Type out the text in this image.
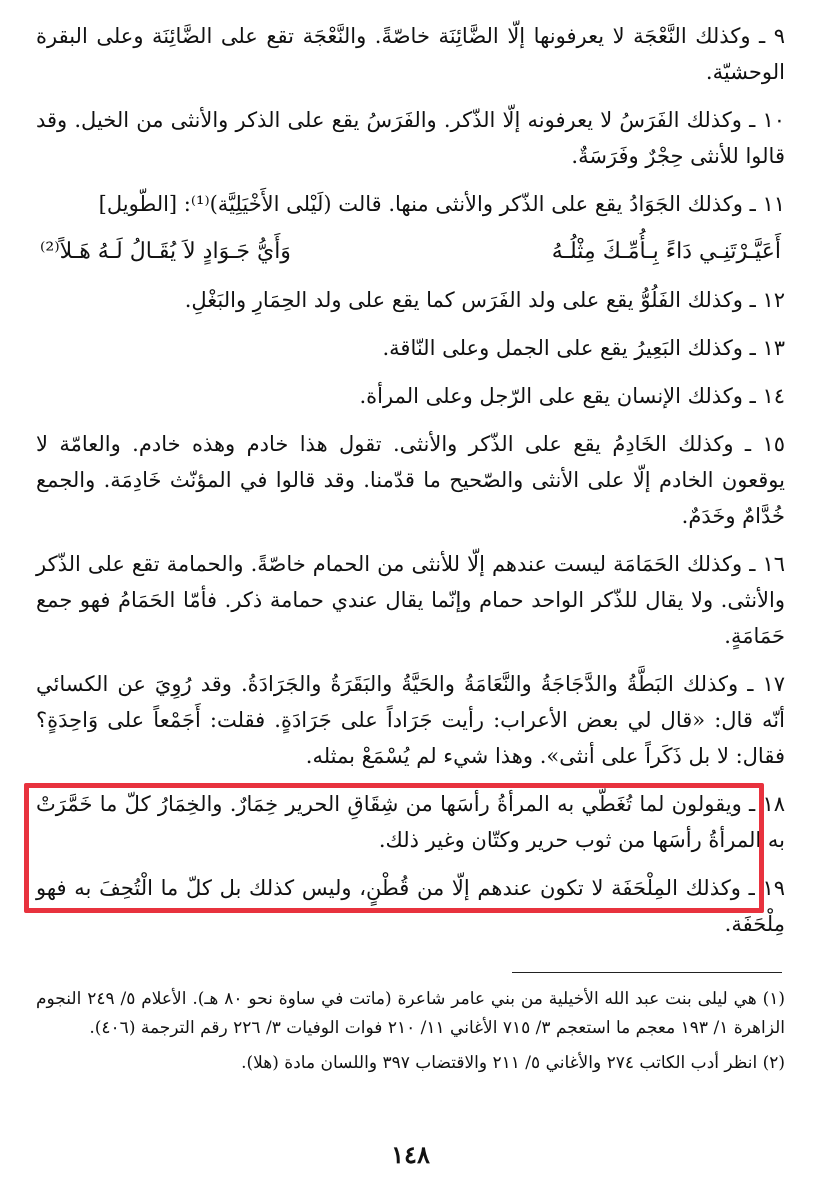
٩ ـ وكذلك النَّعْجَة لا يعرفونها إلّا الضَّائِنَة خاصّةً. والنَّعْجَة تقع على الضَّائِنَة وعلى البقرة الوحشيّة.

١٠ ـ وكذلك الفَرَسُ لا يعرفونه إلّا الذّكر. والفَرَسُ يقع على الذكر والأنثى من الخيل. وقد قالوا للأنثى حِجْرٌ وفَرَسَةٌ.

١١ ـ وكذلك الجَوَادُ يقع على الذّكر والأنثى منها. قالت (لَيْلى الأَخْيَلِيَّة)⁽¹⁾: [الطّويل]

أَعَيَّـرْتَنِـي دَاءً بِـأُمِّـكَ مِثْلُـهُ
وَأَيُّ جَـوَادٍ لاَ يُقَـالُ لَـهُ هَـلاً⁽²⁾

١٢ ـ وكذلك الفَلُوُّ يقع على ولد الفَرَس كما يقع على ولد الحِمَارِ والبَغْلِ.

١٣ ـ وكذلك البَعِيرُ يقع على الجمل وعلى النّاقة.

١٤ ـ وكذلك الإنسان يقع على الرّجل وعلى المرأة.

١٥ ـ وكذلك الخَادِمُ يقع على الذّكر والأنثى. تقول هذا خادم وهذه خادم. والعامّة لا يوقعون الخادم إلّا على الأنثى والصّحيح ما قدّمنا. وقد قالوا في المؤنّث خَادِمَة. والجمع خُدَّامٌ وخَدَمٌ.

١٦ ـ وكذلك الحَمَامَة ليست عندهم إلّا للأنثى من الحمام خاصّةً. والحمامة تقع على الذّكر والأنثى. ولا يقال للذّكر الواحد حمام وإنّما يقال عندي حمامة ذكر. فأمّا الحَمَامُ فهو جمع حَمَامَةٍ.

١٧ ـ وكذلك البَطَّةُ والدَّجَاجَةُ والنَّعَامَةُ والحَيَّةُ والبَقَرَةُ والجَرَادَةُ. وقد رُوِيَ عن الكسائي أنّه قال: «قال لي بعض الأعراب: رأيت جَرَاداً على جَرَادَةٍ. فقلت: أَجَمْعاً على وَاحِدَةٍ؟ فقال: لا بل ذَكَراً على أنثى». وهذا شيء لم يُسْمَعْ بمثله.

١٨ ـ ويقولون لما تُغَطّي به المرأةُ رأسَها من شِقَاقِ الحرير خِمَارٌ. والخِمَارُ كلّ ما خَمَّرَتْ به المرأةُ رأسَها من ثوب حرير وكتّان وغير ذلك.

١٩ ـ وكذلك المِلْحَفَة لا تكون عندهم إلّا من قُطْنٍ، وليس كذلك بل كلّ ما الْتُحِفَ به فهو مِلْحَفَة.

(١) هي ليلى بنت عبد الله الأخيلية من بني عامر شاعرة (ماتت في ساوة نحو ٨٠ هـ). الأعلام ٥/ ٢٤٩ النجوم الزاهرة ١/ ١٩٣ معجم ما استعجم ٣/ ٧١٥ الأغاني ١١/ ٢١٠ فوات الوفيات ٣/ ٢٢٦ رقم الترجمة (٤٠٦).

(٢) انظر أدب الكاتب ٢٧٤ والأغاني ٥/ ٢١١ والاقتضاب ٣٩٧ واللسان مادة (هلا).

١٤٨
